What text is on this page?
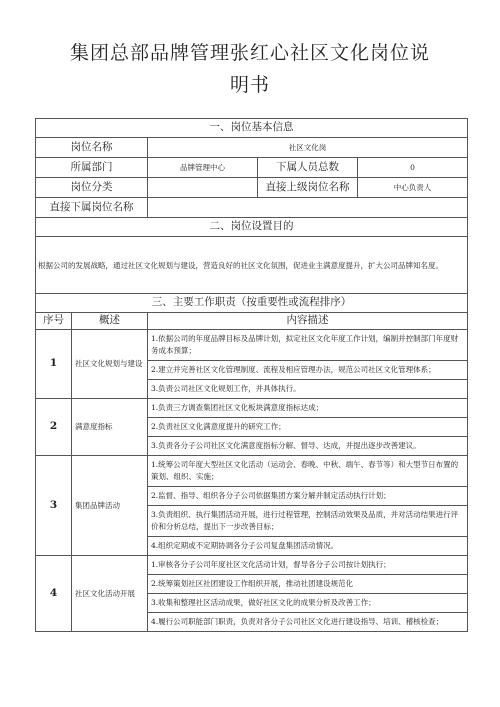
集团总部品牌管理张红心社区文化岗位说
明书
一、岗位基本信息				
岗位名称		社区文化岗		
所属部门		品牌管理中心	下属人员总数	0
岗位分类			直接上级岗位名称	中心负责人
直接下属岗位名称				
二、岗位设置目的				
根据公司的发展战略，通过社区文化规划与建设，营造良好的社区文化氛围，促进业主满意度提升，扩大公司品牌知名度。				
三、主要工作职责（按重要性或流程排序）				
序号	概述	内容描述		
1	社区文化规划与建设	1.依据公司的年度品牌目标及品牌计划，拟定社区文化年度工作计划，编制并控制部门年度财务成本预算；		
		2.建立并完善社区文化管理制度、流程及相应管理办法，规范公司社区文化管理体系；		
		3.负责公司社区文化规划工作，并具体执行。		
2	满意度指标	1.负责三方调查集团社区文化板块满意度指标达成；		
		2.负责社区文化满意度提升的研究工作；		
		3.负责各分子公司社区文化满意度指标分解、督导、达成，并提出逐步改善建议。		
3	集团品牌活动	1.统筹公司年度大型社区文化活动（运动会、春晚、中秋、端午、春节等）和大型节日布置的策划、组织、实施；		
		2.监督、指导、组织各分子公司依据集团方案分解并制定活动执行计划；		
		3.负责组织、执行集团活动开展，进行过程管理，控制活动效果及品质，并对活动结果进行评价和分析总结，提出下一步改善目标；		
		4.组织定期或不定期协调各分子公司复盘集团活动情况。		
4	社区文化活动开展	1.审核各分子公司年度社区文化活动计划，督导各分子公司按计划执行；		
		2.统筹策划社区社团建设工作组织开展，推动社团建设规范化		
		3.收集和整理社区活动成果，做好社区文化的成果分析及改善工作；		
		4.履行公司职能部门职责，负责对各分子公司社区文化进行建设指导、培训、稽核检查；		
